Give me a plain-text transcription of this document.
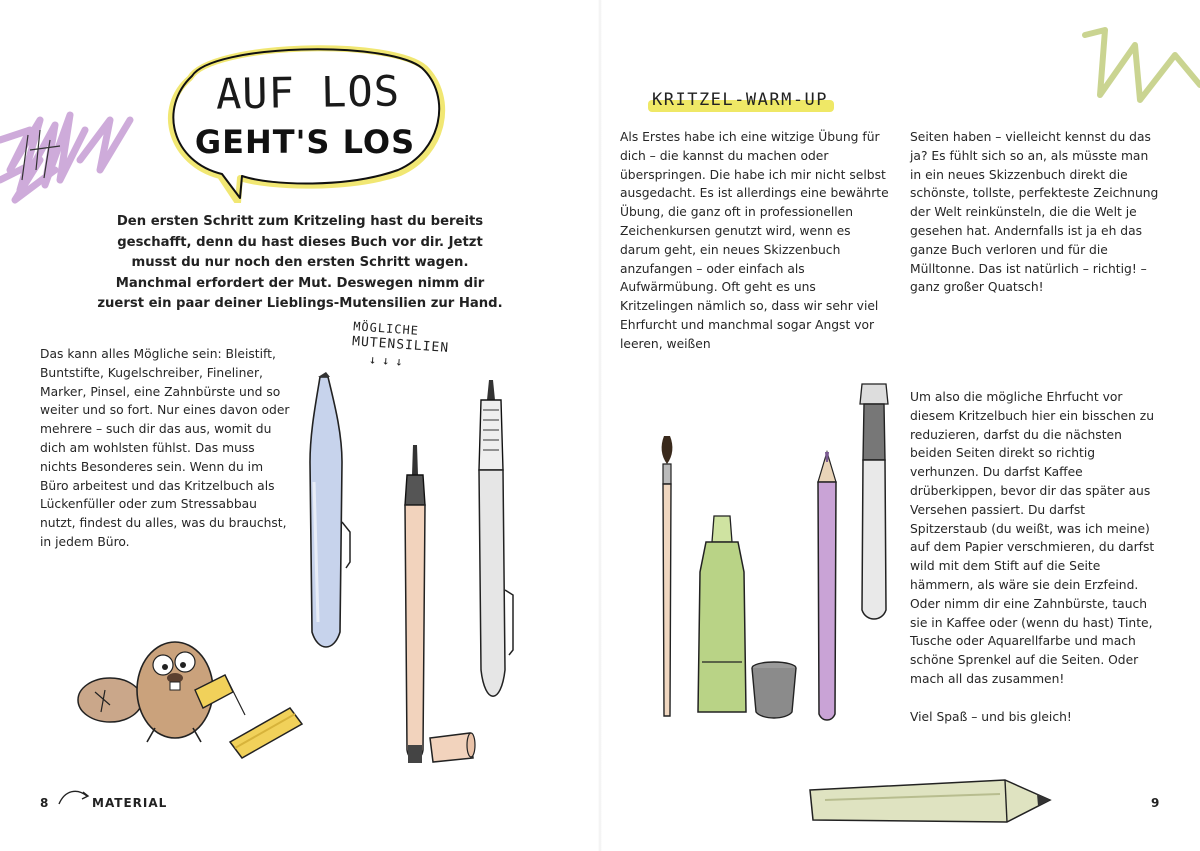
AUF LOS
GEHT'S LOS
Den ersten Schritt zum Kritzeling hast du bereits geschafft, denn du hast dieses Buch vor dir. Jetzt musst du nur noch den ersten Schritt wagen. Manchmal erfordert der Mut. Deswegen nimm dir zuerst ein paar deiner Lieblings-Mutensilien zur Hand.
Das kann alles Mögliche sein: Bleistift, Buntstifte, Kugelschreiber, Fineliner, Marker, Pinsel, eine Zahnbürste und so weiter und so fort. Nur eines davon oder mehrere – such dir das aus, womit du dich am wohlsten fühlst. Das muss nichts Besonderes sein. Wenn du im Büro arbeitest und das Kritzelbuch als Lückenfüller oder zum Stressabbau nutzt, findest du alles, was du brauchst, in jedem Büro.
MÖGLICHE
MUTENSILIEN
↓↓↓
8	MATERIAL
KRITZEL-WARM-UP
Als Erstes habe ich eine witzige Übung für dich – die kannst du machen oder überspringen. Die habe ich mir nicht selbst ausgedacht. Es ist allerdings eine bewährte Übung, die ganz oft in professionellen Zeichenkursen genutzt wird, wenn es darum geht, ein neues Skizzenbuch anzufangen – oder einfach als Aufwärmübung. Oft geht es uns Kritzelingen nämlich so, dass wir sehr viel Ehrfurcht und manchmal sogar Angst vor leeren, weißen
Seiten haben – vielleicht kennst du das ja? Es fühlt sich so an, als müsste man in ein neues Skizzenbuch direkt die schönste, tollste, perfekteste Zeichnung der Welt reinkünsteln, die die Welt je gesehen hat. Andernfalls ist ja eh das ganze Buch verloren und für die Mülltonne. Das ist natürlich – richtig! – ganz großer Quatsch!

Um also die mögliche Ehrfucht vor diesem Kritzelbuch hier ein bisschen zu reduzieren, darfst du die nächsten beiden Seiten direkt so richtig verhunzen. Du darfst Kaffee drüberkippen, bevor dir das später aus Versehen passiert. Du darfst Spitzerstaub (du weißt, was ich meine) auf dem Papier verschmieren, du darfst wild mit dem Stift auf die Seite hämmern, als wäre sie dein Erzfeind. Oder nimm dir eine Zahnbürste, tauch sie in Kaffee oder (wenn du hast) Tinte, Tusche oder Aquarellfarbe und mach schöne Sprenkel auf die Seiten. Oder mach all das zusammen!

Viel Spaß – und bis gleich!

9
